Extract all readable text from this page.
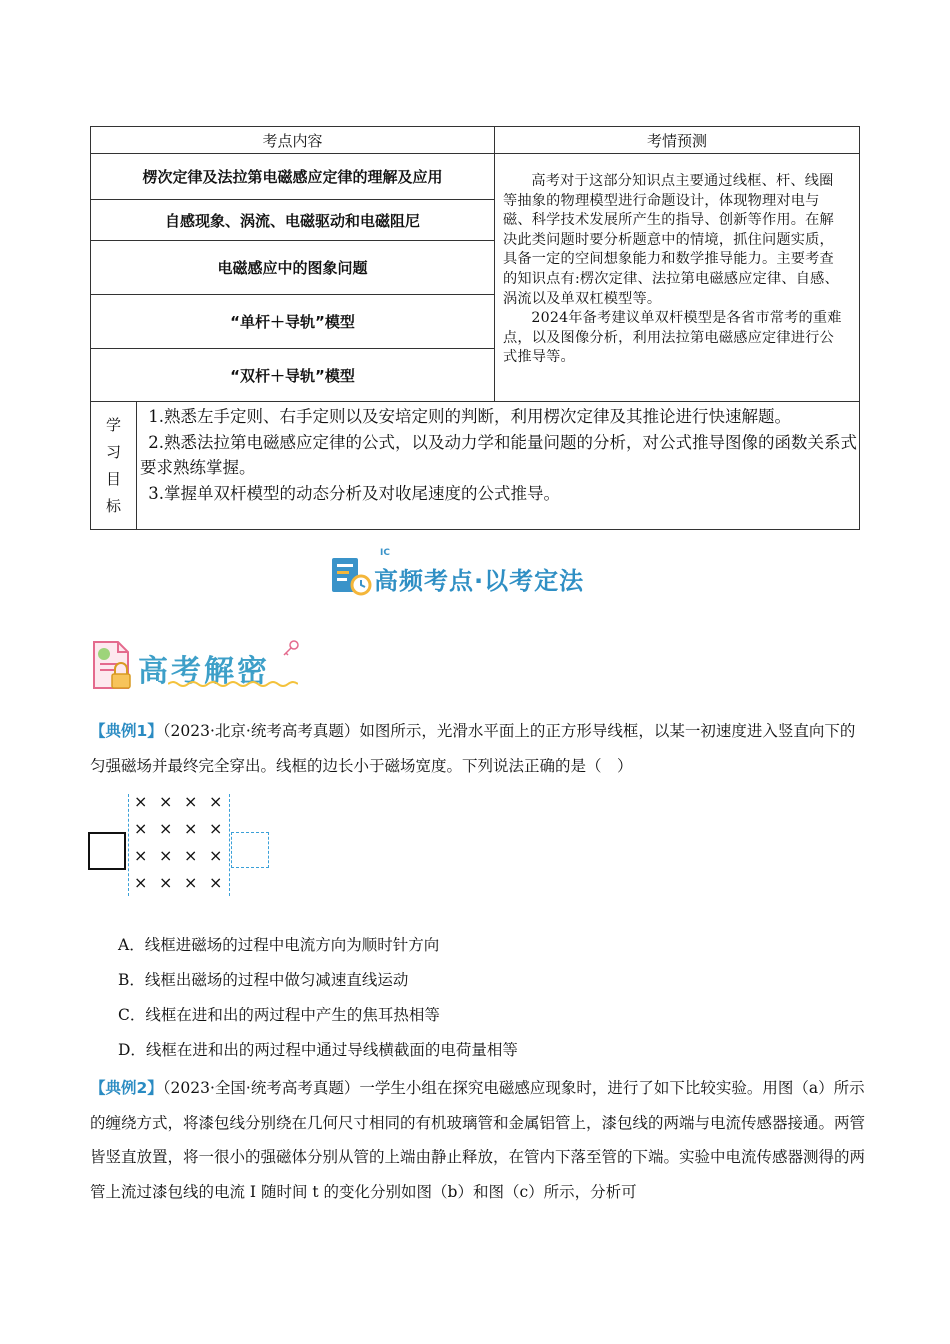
考点内容	考情预测
楞次定律及法拉第电磁感应定律的理解及应用
自感现象、涡流、电磁驱动和电磁阻尼
电磁感应中的图象问题
“单杆＋导轨”模型
“双杆＋导轨”模型

高考对于这部分知识点主要通过线框、杆、线圈等抽象的物理模型进行命题设计，体现物理对电与磁、科学技术发展所产生的指导、创新等作用。在解决此类问题时要分析题意中的情境，抓住问题实质，具备一定的空间想象能力和数学推导能力。主要考查的知识点有:楞次定律、法拉第电磁感应定律、自感、涡流以及单双杠模型等。

2024年备考建议单双杆模型是各省市常考的重难点，以及图像分析，利用法拉第电磁感应定律进行公式推导等。

学
习
目
标

1.熟悉左手定则、右手定则以及安培定则的判断，利用楞次定律及其推论进行快速解题。

2.熟悉法拉第电磁感应定律的公式，以及动力学和能量问题的分析，对公式推导图像的函数关系式要求熟练掌握。

3.掌握单双杆模型的动态分析及对收尾速度的公式推导。

IC
高频考点·以考定法
高考解密
【典例1】（2023·北京·统考高考真题）如图所示，光滑水平面上的正方形导线框，以某一初速度进入竖直向下的匀强磁场并最终完全穿出。线框的边长小于磁场宽度。下列说法正确的是（　）
× × × ×
× × × ×
× × × ×
× × × ×
A．线框进磁场的过程中电流方向为顺时针方向
B．线框出磁场的过程中做匀减速直线运动
C．线框在进和出的两过程中产生的焦耳热相等
D．线框在进和出的两过程中通过导线横截面的电荷量相等
【典例2】（2023·全国·统考高考真题）一学生小组在探究电磁感应现象时，进行了如下比较实验。用图（a）所示的缠绕方式，将漆包线分别绕在几何尺寸相同的有机玻璃管和金属铝管上，漆包线的两端与电流传感器接通。两管皆竖直放置，将一很小的强磁体分别从管的上端由静止释放，在管内下落至管的下端。实验中电流传感器测得的两管上流过漆包线的电流 I 随时间 t 的变化分别如图（b）和图（c）所示，分析可
